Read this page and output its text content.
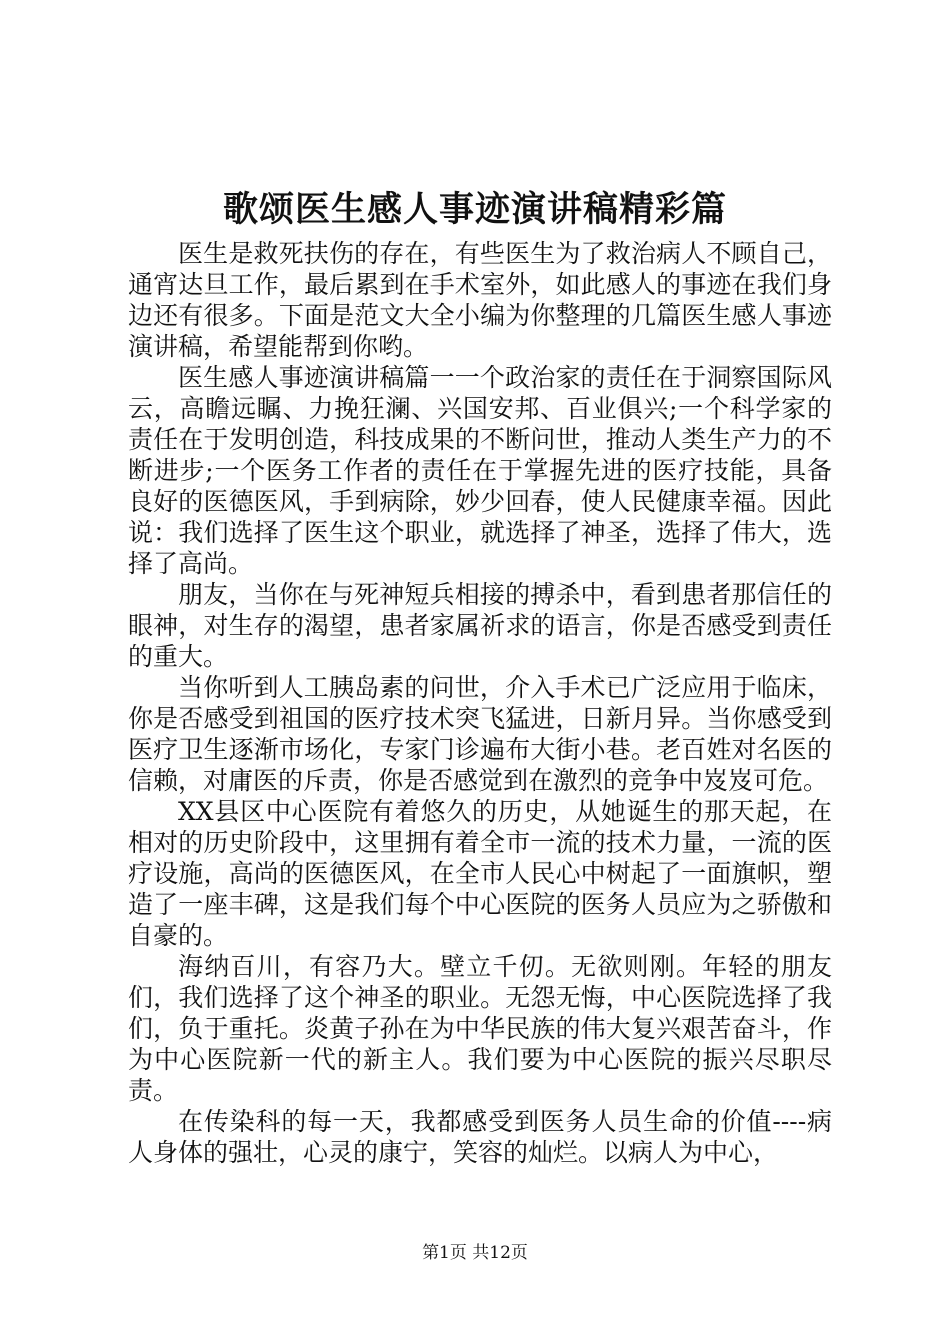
歌颂医生感人事迹演讲稿精彩篇

医生是救死扶伤的存在，有些医生为了救治病人不顾自己，通宵达旦工作，最后累到在手术室外，如此感人的事迹在我们身边还有很多。下面是范文大全小编为你整理的几篇医生感人事迹演讲稿，希望能帮到你哟。

医生感人事迹演讲稿篇一一个政治家的责任在于洞察国际风云，高瞻远瞩、力挽狂澜、兴国安邦、百业俱兴;一个科学家的责任在于发明创造，科技成果的不断问世，推动人类生产力的不断进步;一个医务工作者的责任在于掌握先进的医疗技能，具备良好的医德医风，手到病除，妙少回春，使人民健康幸福。因此说：我们选择了医生这个职业，就选择了神圣，选择了伟大，选择了高尚。

朋友，当你在与死神短兵相接的搏杀中，看到患者那信任的眼神，对生存的渴望，患者家属祈求的语言，你是否感受到责任的重大。

当你听到人工胰岛素的问世，介入手术已广泛应用于临床，你是否感受到祖国的医疗技术突飞猛进，日新月异。当你感受到医疗卫生逐渐市场化，专家门诊遍布大街小巷。老百姓对名医的信赖，对庸医的斥责，你是否感觉到在激烈的竞争中岌岌可危。

XX县区中心医院有着悠久的历史，从她诞生的那天起，在相对的历史阶段中，这里拥有着全市一流的技术力量，一流的医疗设施，高尚的医德医风，在全市人民心中树起了一面旗帜，塑造了一座丰碑，这是我们每个中心医院的医务人员应为之骄傲和自豪的。

海纳百川，有容乃大。壁立千仞。无欲则刚。年轻的朋友们，我们选择了这个神圣的职业。无怨无悔，中心医院选择了我们，负于重托。炎黄子孙在为中华民族的伟大复兴艰苦奋斗，作为中心医院新一代的新主人。我们要为中心医院的振兴尽职尽责。

在传染科的每一天，我都感受到医务人员生命的价值----病人身体的强壮，心灵的康宁，笑容的灿烂。以病人为中心，

第1页 共12页
